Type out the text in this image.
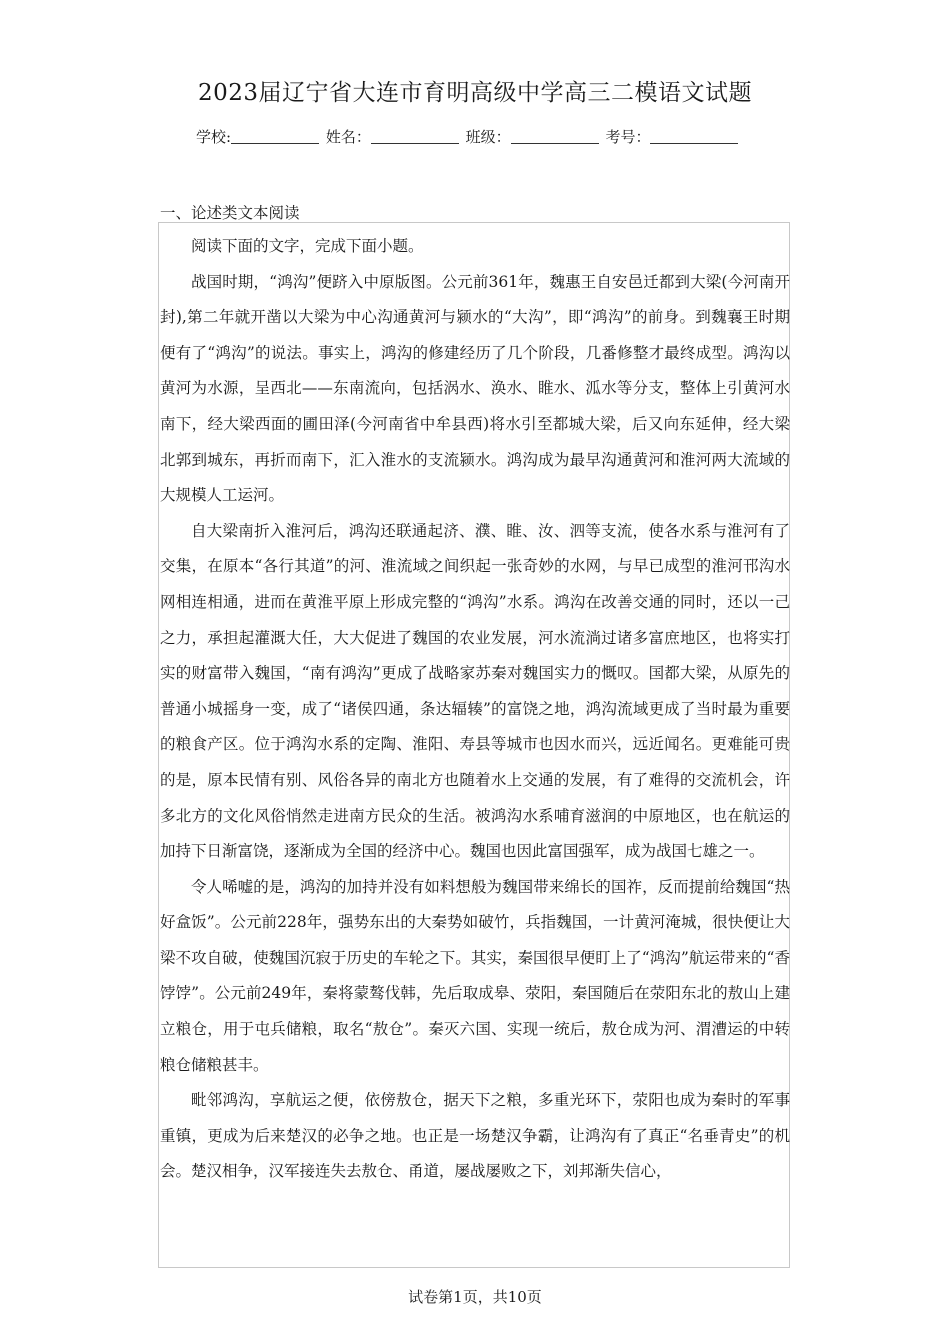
2023届辽宁省大连市育明高级中学高三二模语文试题
学校:	姓名：	班级：	考号：
一、论述类文本阅读

阅读下面的文字，完成下面小题。

战国时期，“鸿沟”便跻入中原版图。公元前361年，魏惠王自安邑迁都到大梁(今河南开封),第二年就开凿以大梁为中心沟通黄河与颍水的“大沟”，即“鸿沟”的前身。到魏襄王时期便有了“鸿沟”的说法。事实上，鸿沟的修建经历了几个阶段，几番修整才最终成型。鸿沟以黄河为水源，呈西北——东南流向，包括涡水、涣水、睢水、泒水等分支，整体上引黄河水南下，经大梁西面的圃田泽(今河南省中牟县西)将水引至都城大梁，后又向东延伸，经大梁北郭到城东，再折而南下，汇入淮水的支流颍水。鸿沟成为最早沟通黄河和淮河两大流域的大规模人工运河。

自大梁南折入淮河后，鸿沟还联通起济、濮、睢、汝、泗等支流，使各水系与淮河有了交集，在原本“各行其道”的河、淮流域之间织起一张奇妙的水网，与早已成型的淮河邗沟水网相连相通，进而在黄淮平原上形成完整的“鸿沟”水系。鸿沟在改善交通的同时，还以一己之力，承担起灌溉大任，大大促进了魏国的农业发展，河水流淌过诸多富庶地区，也将实打实的财富带入魏国，“南有鸿沟”更成了战略家苏秦对魏国实力的慨叹。国都大梁，从原先的普通小城摇身一变，成了“诸侯四通，条达辐辏”的富饶之地，鸿沟流域更成了当时最为重要的粮食产区。位于鸿沟水系的定陶、淮阳、寿县等城市也因水而兴，远近闻名。更难能可贵的是，原本民情有别、风俗各异的南北方也随着水上交通的发展，有了难得的交流机会，许多北方的文化风俗悄然走进南方民众的生活。被鸿沟水系哺育滋润的中原地区，也在航运的加持下日渐富饶，逐渐成为全国的经济中心。魏国也因此富国强军，成为战国七雄之一。

令人唏嘘的是，鸿沟的加持并没有如料想般为魏国带来绵长的国祚，反而提前给魏国“热好盒饭”。公元前228年，强势东出的大秦势如破竹，兵指魏国，一计黄河淹城，很快便让大梁不攻自破，使魏国沉寂于历史的车轮之下。其实，秦国很早便盯上了“鸿沟”航运带来的“香饽饽”。公元前249年，秦将蒙骜伐韩，先后取成皋、荥阳，秦国随后在荥阳东北的敖山上建立粮仓，用于屯兵储粮，取名“敖仓”。秦灭六国、实现一统后，敖仓成为河、渭漕运的中转粮仓储粮甚丰。

毗邻鸿沟，享航运之便，依傍敖仓，据天下之粮，多重光环下，荥阳也成为秦时的军事重镇，更成为后来楚汉的必争之地。也正是一场楚汉争霸，让鸿沟有了真正“名垂青史”的机会。楚汉相争，汉军接连失去敖仓、甬道，屡战屡败之下，刘邦渐失信心，

试卷第1页，共10页
